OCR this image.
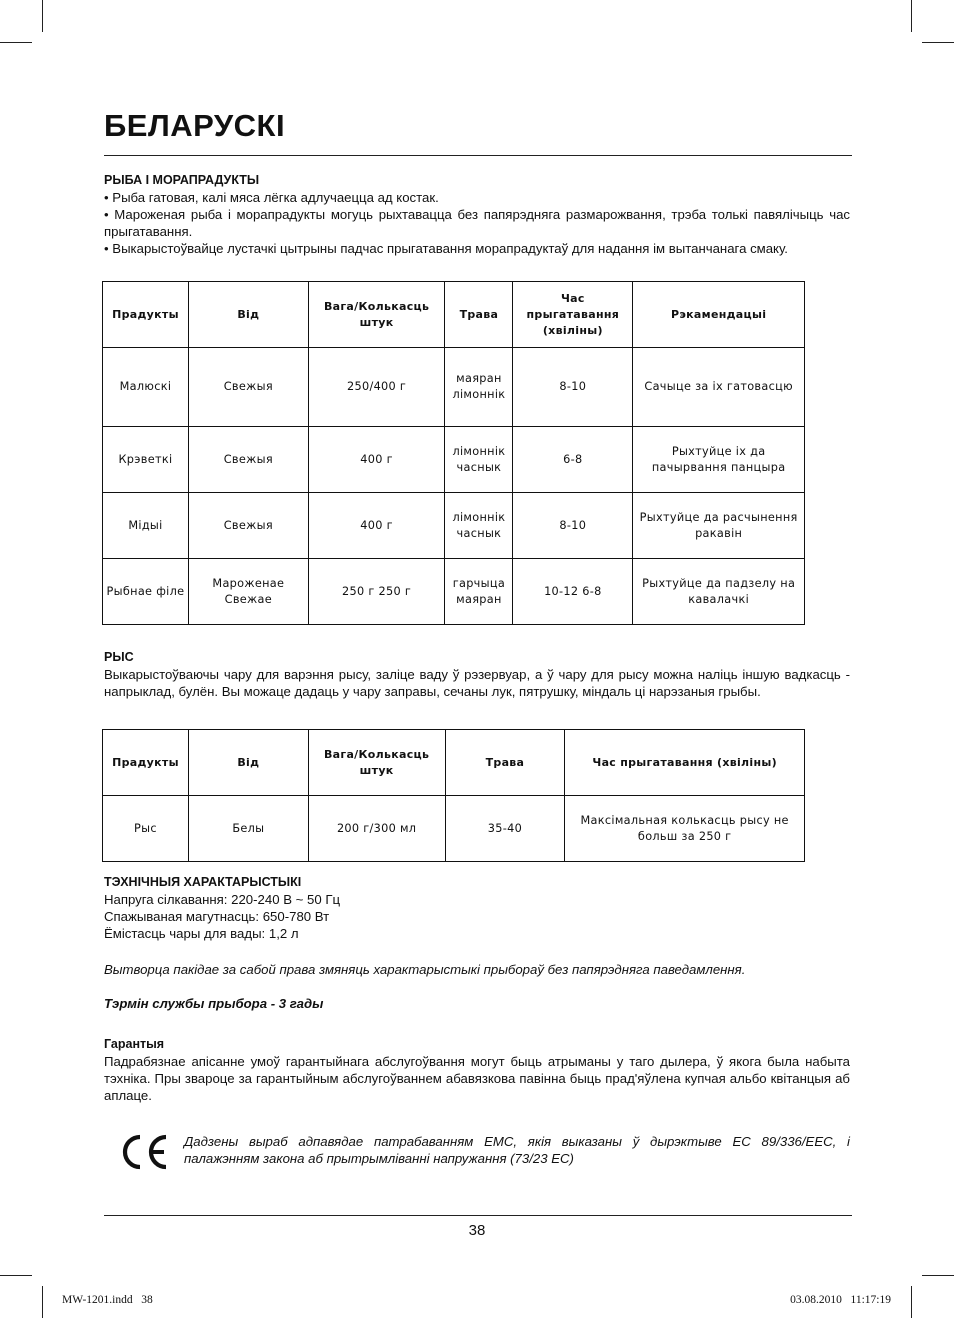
БЕЛАРУСКІ

РЫБА І МОРАПРАДУКТЫ

• Рыба гатовая, калі мяса лёгка адлучаецца ад костак.

• Мароженая рыба і морапрадукты могуць рыхтавацца без папярэдняга размарожвання, трэба толькі павялічыць час прыгатавання.

• Выкарыстоўвайце лустачкі цытрыны падчас прыгатавання морапрадуктаў для надання ім вытанчанага смаку.

Прадукты	Від	Вага/Колькасць штук	Трава	Час прыгатавання (хвіліны)	Рэкамендацыі
Малюскі	Свежыя	250/400 г	маяран лімоннік	8-10	Сачыце за іх гатовасцю
Крэветкі	Свежыя	400 г	лімоннік часнык	6-8	Рыхтуйце іх да пачырвання панцыра
Мідыі	Свежыя	400 г	лімоннік часнык	8-10	Рыхтуйце да расчынення ракавін
Рыбнае філе	Мароженае Свежае	250 г 250 г	гарчыца маяран	10-12 6-8	Рыхтуйце да падзелу на кавалачкі

РЫС

Выкарыстоўваючы чару для варэння рысу, заліце ваду ў рэзервуар, а ў чару для рысу можна наліць іншую вадкасць - напрыклад, булён. Вы можаце дадаць у чару заправы, сечаны лук, пятрушку, міндаль ці нарэзаныя грыбы.

Прадукты	Від	Вага/Колькасць штук	Трава	Час прыгатавання (хвіліны)
Рыс	Белы	200 г/300 мл	35-40	Максімальная колькасць рысу не больш за 250 г

ТЭХНІЧНЫЯ ХАРАКТАРЫСТЫКІ

Напруга сілкавання: 220-240 В ~ 50 Гц

Спажываная магутнасць: 650-780 Вт

Ёмістасць чары для вады: 1,2 л

Вытворца пакідае за сабой права змяняць характарыстыкі прыбораў без папярэдняга паведамлення.

Тэрмін службы прыбора - 3 гады

Гарантыя

Падрабязнае апісанне умоў гарантыйнага абслугоўвання могут быць атрыманы у таго дылера, ў якога была набыта тэхніка. Пры звароце за гарантыйным абслугоўваннем абавязкова павінна быць прад'яўлена купчая альбо квітанцыя аб аплаце.

Дадзены выраб адпавядае патрабаванням EMC, якія выказаны ў дырэктыве ЕС 89/336/EEC, і палажэнням закона аб прытрымліванні напружання (73/23 EC)

38
MW-1201.indd   38	03.08.2010   11:17:19
